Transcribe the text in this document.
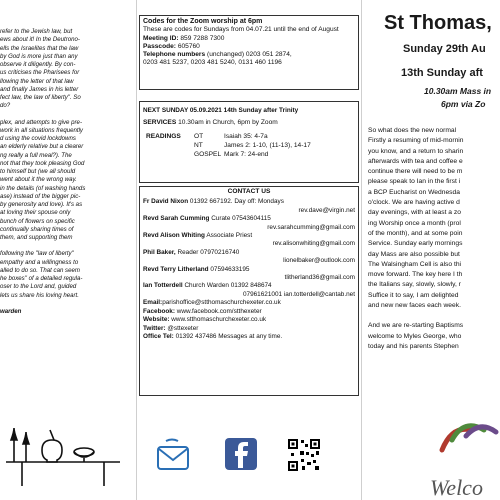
refer to the Jewish law, but

ews about it! In the Deutrono-

ells the Israelites that the law

by God is more just than any

observe it diligently. By con-

us criticises the Pharisees for

llowing the letter of that law

and finally James in his letter

fect law, the law of liberty". So

do?

plex, and attempts to give pre-

work in all situations frequently

d using the covid lockdowns

an elderly relative but a clearer

ng really a full meal?). The

not that they took pleasing God

to himself but (we all should

went about it the wrong way.

in the details (of washing hands

ase) instead of the bigger pic-

by generosity and love). It's as

at loving their spouse only

bunch of flowers on specific

continually sharing times of

them, and supporting them

following the "law of liberty"

empathy and a willingness to

alled to do so. That can seem

he boxes" of a detailed regula-

oser to the Lord and, guided

lets us share his loving heart.

warden

Codes for the Zoom worship at 6pm
These are codes for Sundays from 04.07.21 until the end of August
Meeting ID: 859 7288 7300
Passcode: 605760
Telephone numbers (unchanged) 0203 051 2874,
0203 481 5237, 0203 481 5240, 0131 460 1196
NEXT SUNDAY 05.09.2021 14th Sunday after Trinity
SERVICES 10.30am in Church, 6pm by Zoom
READINGS OT	Isaiah 35: 4-7a
NT	James 2: 1-10, (11-13), 14-17
GOSPEL Mark 7: 24-end
CONTACT US
Fr David Nixon 01392 667192. Day off: Mondays
rev.dave@virgin.net
Revd Sarah Cumming Curate 07543604115
rev.sarahcumming@gmail.com
Revd Alison Whiting Associate Priest
rev.alisonwhiting@gmail.com
Phil Baker, Reader 07970216740
lionelbaker@outlook.com
Revd Terry Litherland 07594633195
tlitherland36@gmail.com
Ian Totterdell Church Warden 01392 848674
07961621001 ian.totterdell@cantab.net
Email:parishoffice@stthomaschurchexeter.co.uk
Facebook: www.facebook.com/stthexeter
Website: www.stthomaschurchexeter.co.uk
Twitter: @sttexeter
Office Tel: 01392 437486 Messages at any time.
St Thomas,
Sunday 29th Au
13th Sunday aft
10.30am Mass in
6pm via Zo

So what does the new normal

Firstly a resuming of mid-mornin

you know, and a return to sharin

afterwards with tea and coffee e

continue there will need to be m

please speak to Ian in the first i

a BCP Eucharist on Wednesda

o'clock. We are having active d

day evenings, with at least a zo

ing Worship once a month (prol

of the month), and at some poin

Service. Sunday early mornings

day Mass are also possible but

The Walsingham Cell is also thi

move forward. The key here I th

the Italians say, slowly, slowly, r

Suffice it to say, I am delighted

and new new faces each week.

And we are re-starting Baptisms

welcome to Myles George, who

today and his parents Stephen

Welco
